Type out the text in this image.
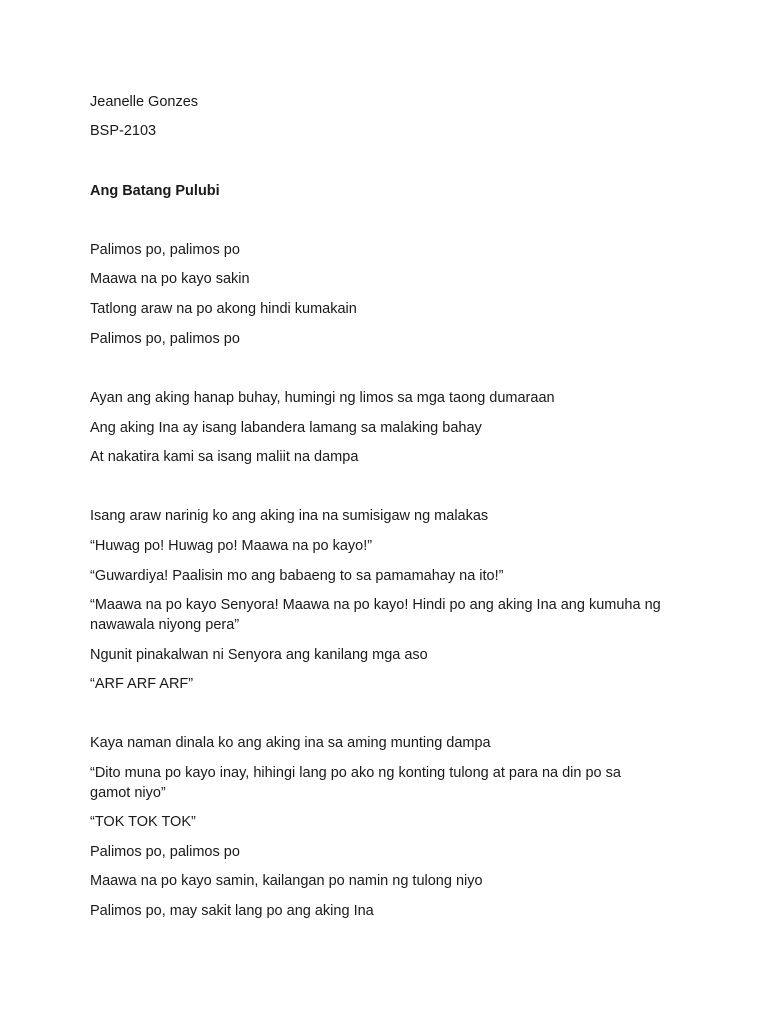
Jeanelle Gonzes
BSP-2103
Ang Batang Pulubi
Palimos po, palimos po
Maawa na po kayo sakin
Tatlong araw na po akong hindi kumakain
Palimos po, palimos po
Ayan ang aking hanap buhay, humingi ng limos sa mga taong dumaraan
Ang aking Ina ay isang labandera lamang sa malaking bahay
At nakatira kami sa isang maliit na dampa
Isang araw narinig ko ang aking ina na sumisigaw ng malakas
“Huwag po! Huwag po! Maawa na po kayo!”
“Guwardiya! Paalisin mo ang babaeng to sa pamamahay na ito!”
“Maawa na po kayo Senyora! Maawa na po kayo! Hindi po ang aking Ina ang kumuha ng nawawala niyong pera”
Ngunit pinakalwan ni Senyora ang kanilang mga aso
“ARF ARF ARF”
Kaya naman dinala ko ang aking ina sa aming munting dampa
“Dito muna po kayo inay, hihingi lang po ako ng konting tulong at para na din po sa gamot niyo”
“TOK TOK TOK”
Palimos po, palimos po
Maawa na po kayo samin, kailangan po namin ng tulong niyo
Palimos po, may sakit lang po ang aking Ina
